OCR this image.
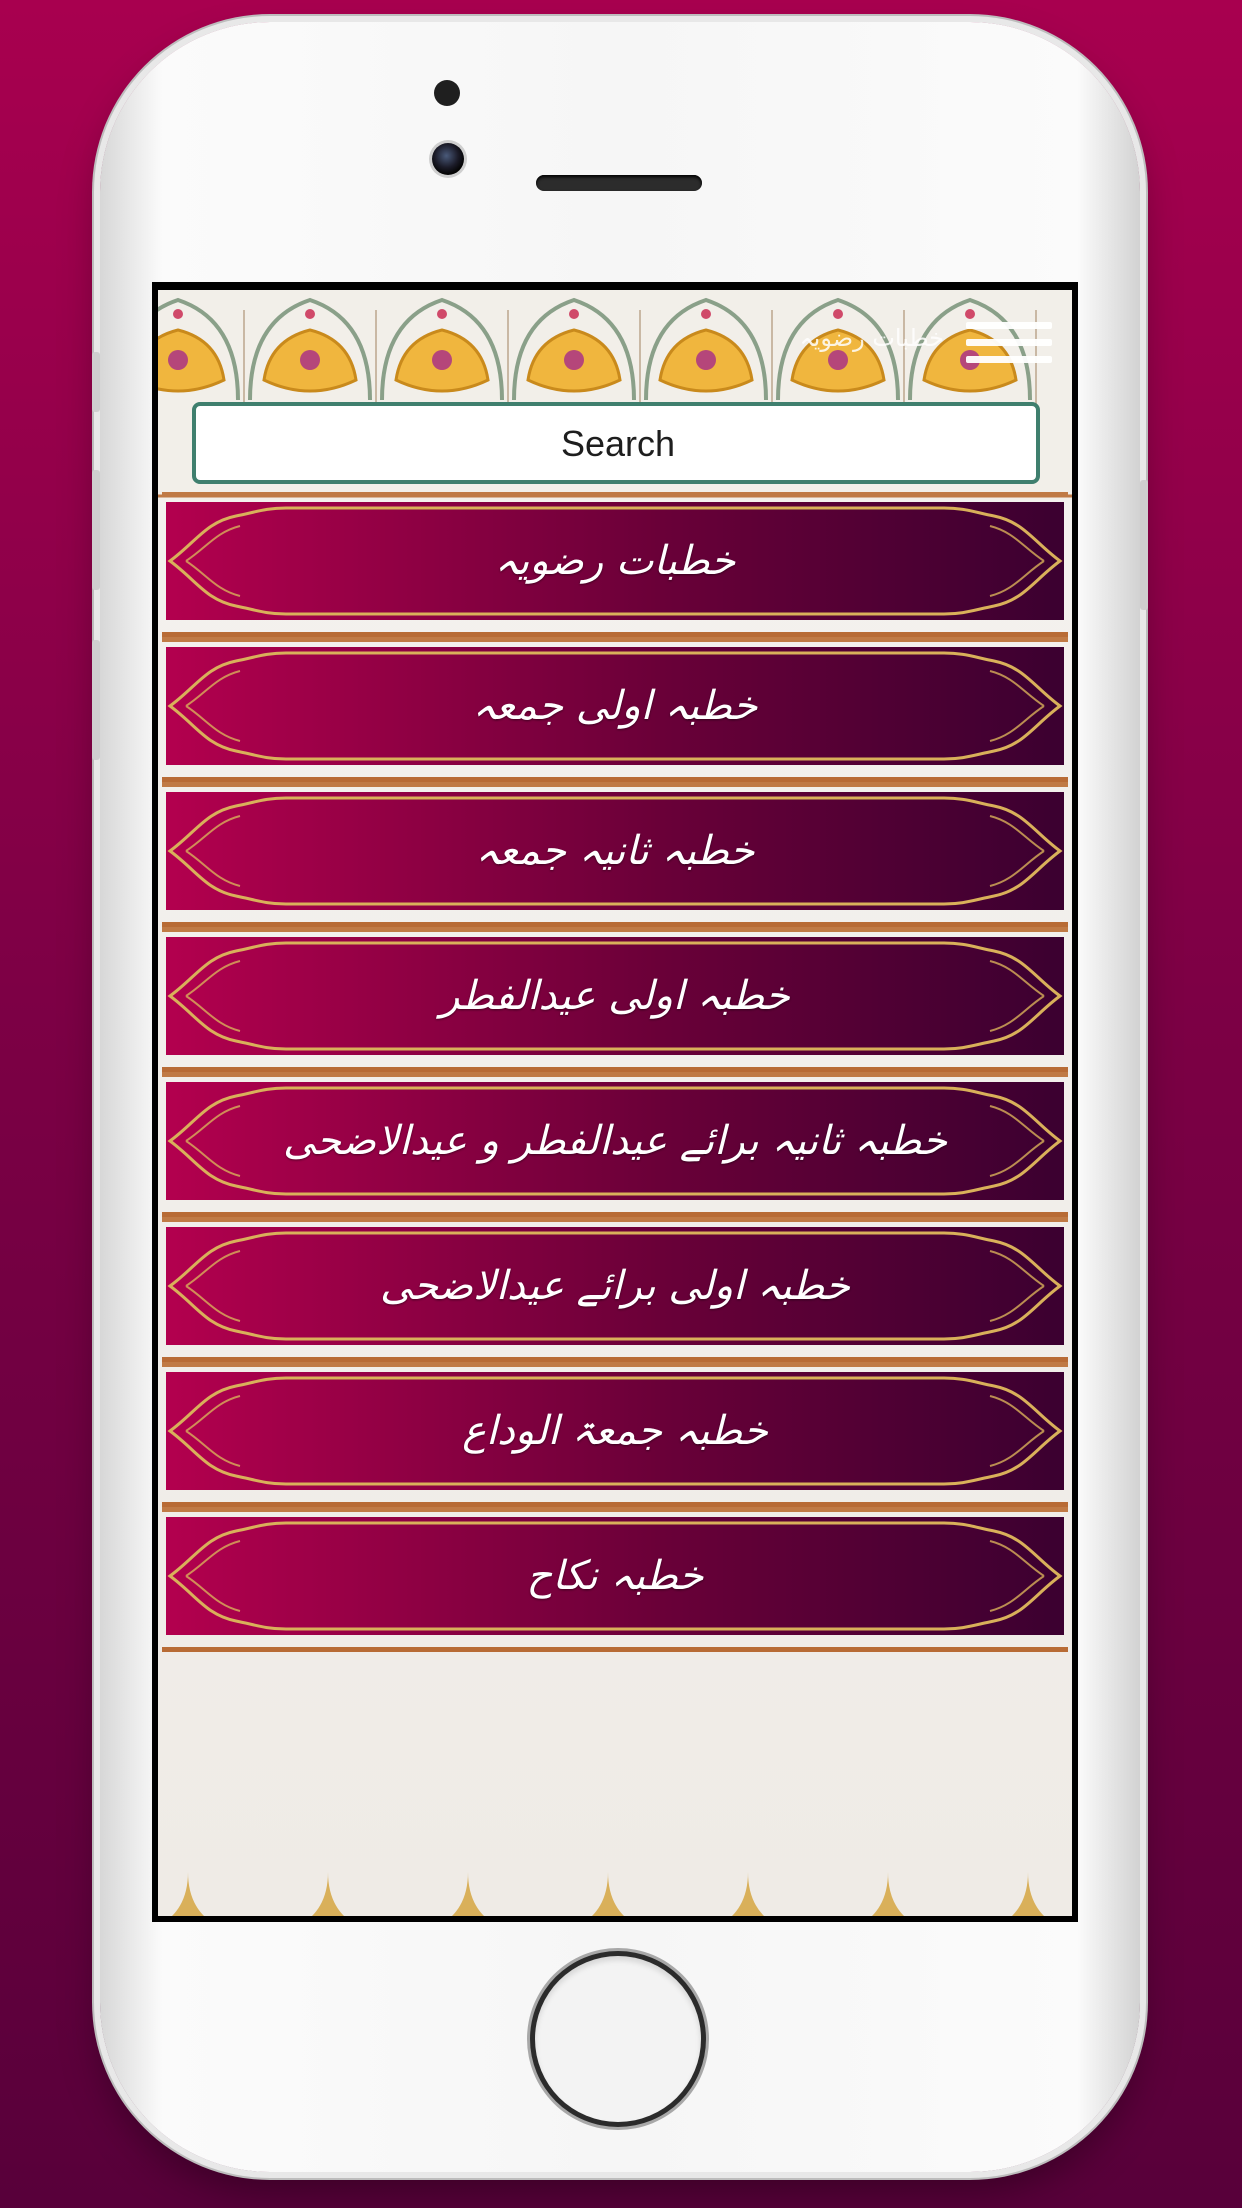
خطبات رضویہ
Search
خطبات رضویہ
خطبہ اولی جمعہ
خطبہ ثانیہ جمعہ
خطبہ اولی عیدالفطر
خطبہ ثانیہ برائے عیدالفطر و عیدالاضحی
خطبہ اولی برائے عیدالاضحی
خطبہ جمعۃ الوداع
خطبہ نکاح
